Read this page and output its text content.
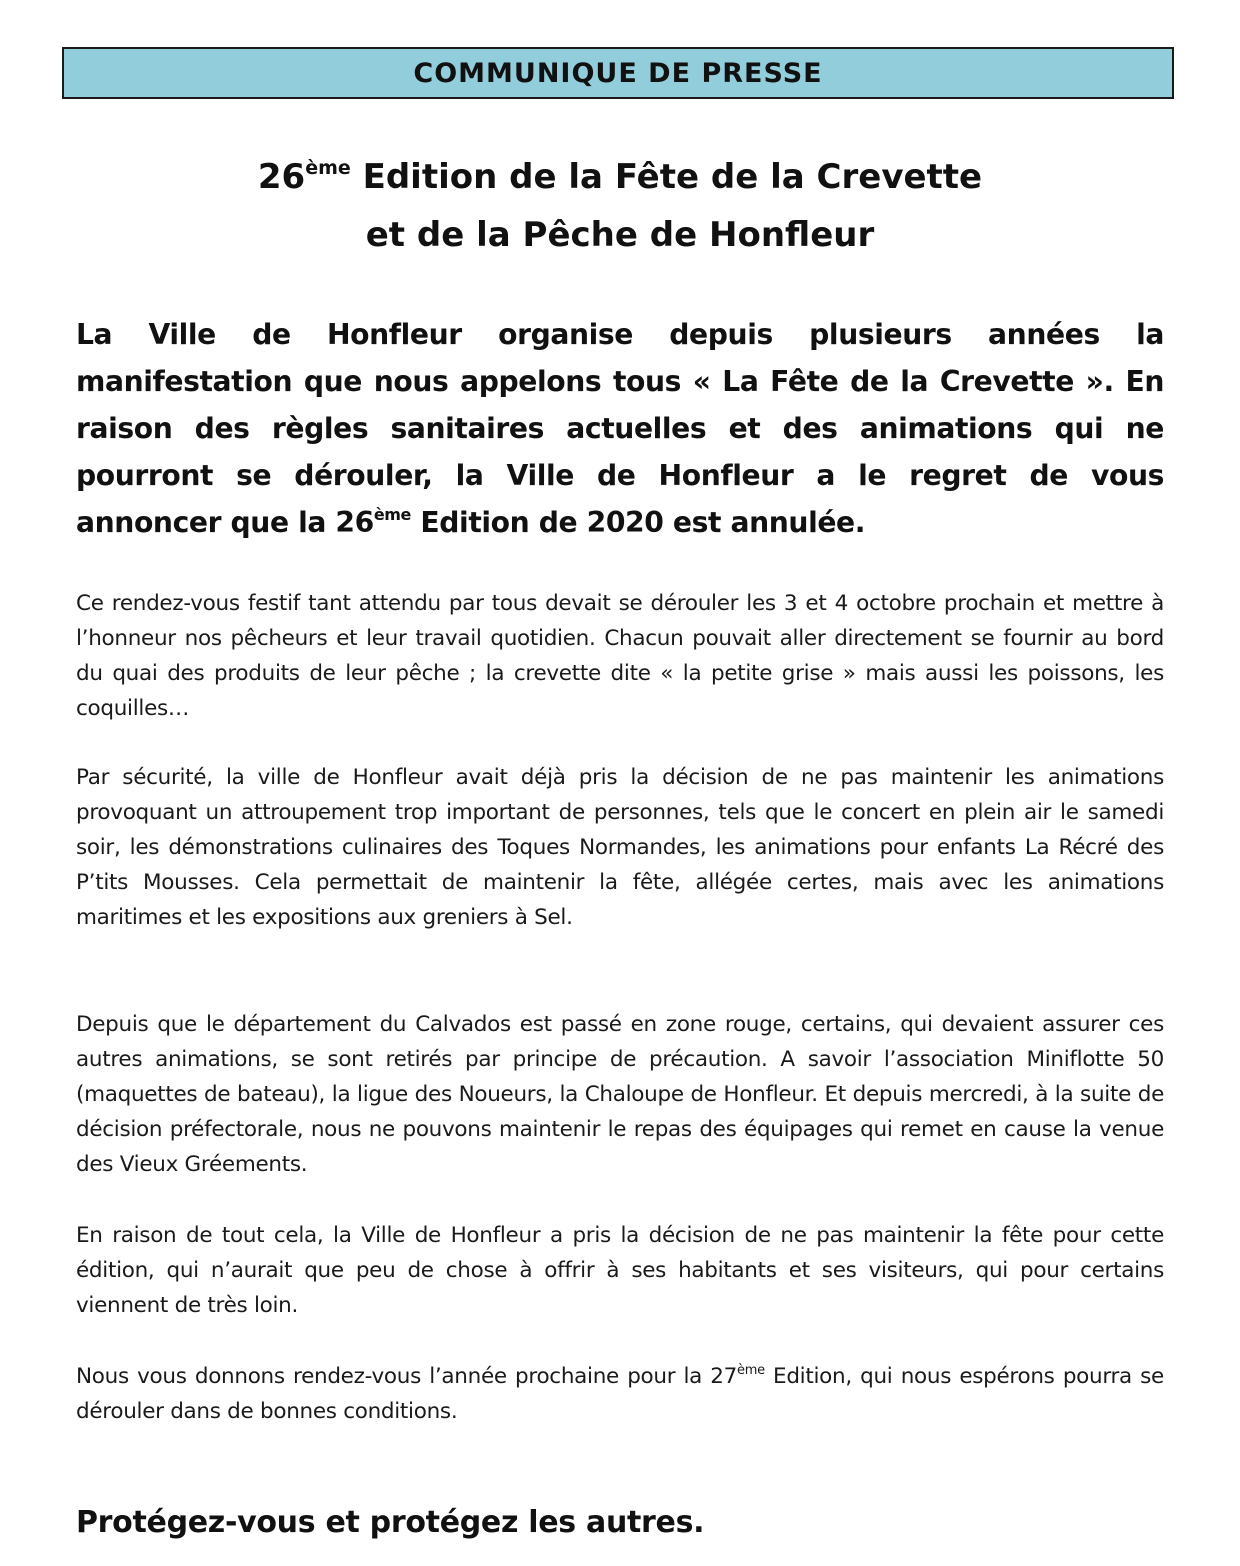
COMMUNIQUE DE PRESSE
26ème Edition de la Fête de la Crevette
et de la Pêche de Honfleur

La Ville de Honfleur organise depuis plusieurs années la manifestation que nous appelons tous « La Fête de la Crevette ». En raison des règles sanitaires actuelles et des animations qui ne pourront se dérouler, la Ville de Honfleur a le regret de vous annoncer que la 26ème Edition de 2020 est annulée.

Ce rendez-vous festif tant attendu par tous devait se dérouler les 3 et 4 octobre prochain et mettre à l’honneur nos pêcheurs et leur travail quotidien. Chacun pouvait aller directement se fournir au bord du quai des produits de leur pêche ; la crevette dite « la petite grise » mais aussi les poissons, les coquilles…

Par sécurité, la ville de Honfleur avait déjà pris la décision de ne pas maintenir les animations provoquant un attroupement trop important de personnes, tels que le concert en plein air le samedi soir, les démonstrations culinaires des Toques Normandes, les animations pour enfants La Récré des P’tits Mousses. Cela permettait de maintenir la fête, allégée certes, mais avec les animations maritimes et les expositions aux greniers à Sel.

Depuis que le département du Calvados est passé en zone rouge, certains, qui devaient assurer ces autres animations, se sont retirés par principe de précaution. A savoir l’association Miniflotte 50 (maquettes de bateau), la ligue des Noueurs, la Chaloupe de Honfleur. Et depuis mercredi, à la suite de décision préfectorale, nous ne pouvons maintenir le repas des équipages qui remet en cause la venue des Vieux Gréements.

En raison de tout cela, la Ville de Honfleur a pris la décision de ne pas maintenir la fête pour cette édition, qui n’aurait que peu de chose à offrir à ses habitants et ses visiteurs, qui pour certains viennent de très loin.

Nous vous donnons rendez-vous l’année prochaine pour la 27ème Edition, qui nous espérons pourra se dérouler dans de bonnes conditions.

Protégez-vous et protégez les autres.
